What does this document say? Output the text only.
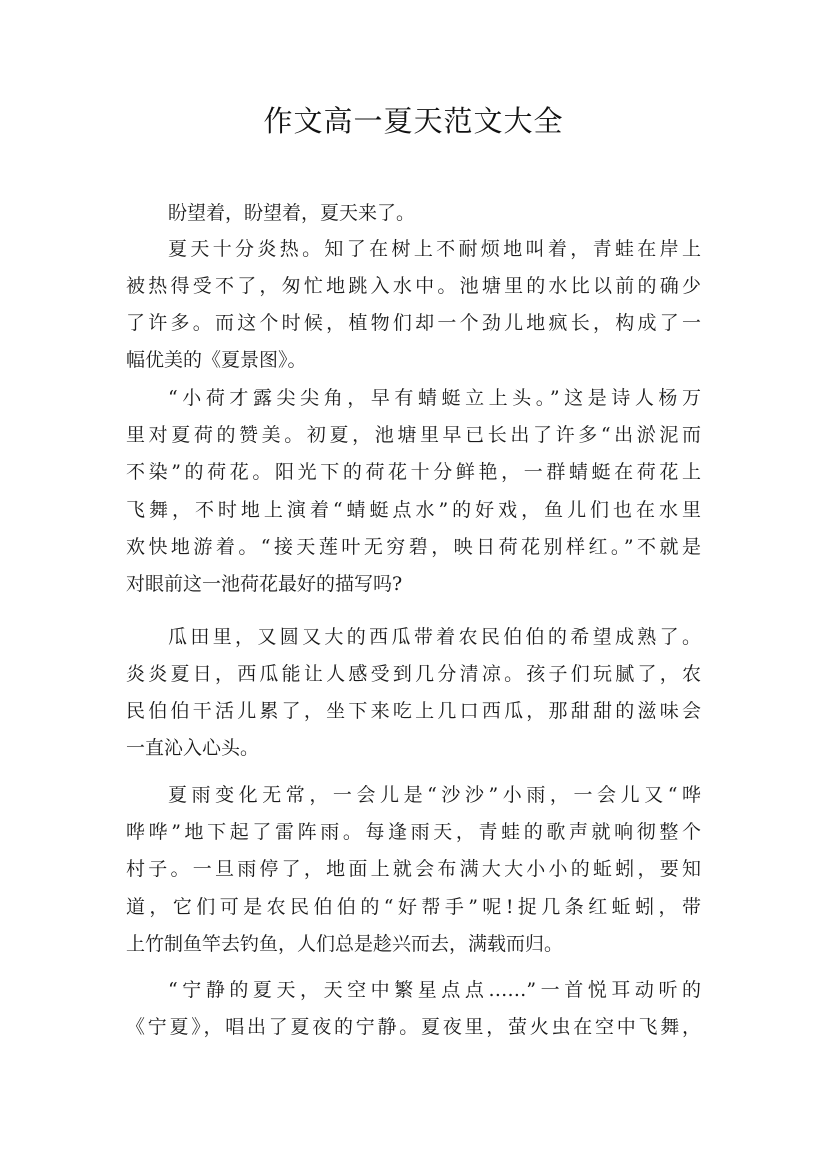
作文高一夏天范文大全
盼望着，盼望着，夏天来了。
夏天十分炎热。知了在树上不耐烦地叫着，青蛙在岸上
被热得受不了，匆忙地跳入水中。池塘里的水比以前的确少
了许多。而这个时候，植物们却一个劲儿地疯长，构成了一
幅优美的《夏景图》。
“小荷才露尖尖角，早有蜻蜓立上头。”这是诗人杨万
里对夏荷的赞美。初夏，池塘里早已长出了许多“出淤泥而
不染”的荷花。阳光下的荷花十分鲜艳，一群蜻蜓在荷花上
飞舞，不时地上演着“蜻蜓点水”的好戏，鱼儿们也在水里
欢快地游着。“接天莲叶无穷碧，映日荷花别样红。”不就是
对眼前这一池荷花最好的描写吗?
瓜田里，又圆又大的西瓜带着农民伯伯的希望成熟了。
炎炎夏日，西瓜能让人感受到几分清凉。孩子们玩腻了，农
民伯伯干活儿累了，坐下来吃上几口西瓜，那甜甜的滋味会
一直沁入心头。
夏雨变化无常，一会儿是“沙沙”小雨，一会儿又“哗
哗哗”地下起了雷阵雨。每逢雨天，青蛙的歌声就响彻整个
村子。一旦雨停了，地面上就会布满大大小小的蚯蚓，要知
道，它们可是农民伯伯的“好帮手”呢!捉几条红蚯蚓，带
上竹制鱼竿去钓鱼，人们总是趁兴而去，满载而归。
“宁静的夏天，天空中繁星点点……”一首悦耳动听的
《宁夏》，唱出了夏夜的宁静。夏夜里，萤火虫在空中飞舞，
